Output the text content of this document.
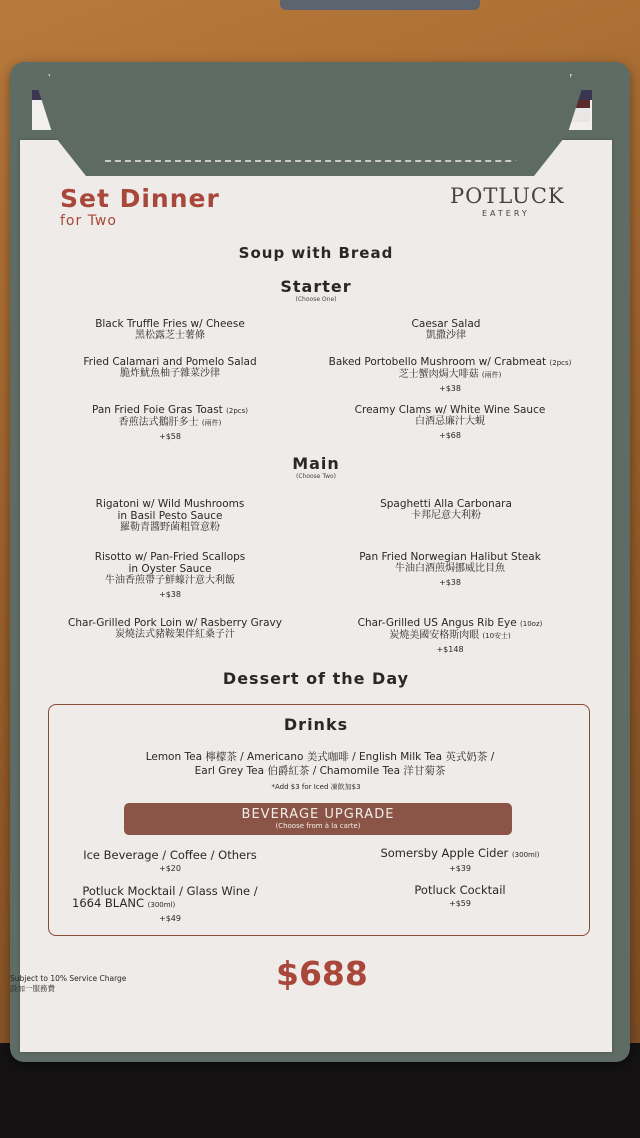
Set Dinner
for Two
POTLUCK
EATERY
Soup with Bread
Starter
(Choose One)
Black Truffle Fries w/ Cheese
黑松露芝士薯條
Caesar Salad
凱撒沙律
Fried Calamari and Pomelo Salad
脆炸魷魚柚子雜菜沙律
Baked Portobello Mushroom w/ Crabmeat (2pcs)
芝士蟹肉焗大啡菇 (兩件)
+$38
Pan Fried Foie Gras Toast (2pcs)
香煎法式鵝肝多士 (兩件)
+$58
Creamy Clams w/ White Wine Sauce
白酒忌廉汁大蜆
+$68
Main
(Choose Two)
Rigatoni w/ Wild Mushrooms
in Basil Pesto Sauce
羅勒青醬野菌粗管意粉
Spaghetti Alla Carbonara
卡邦尼意大利粉
Risotto w/ Pan-Fried Scallops
in Oyster Sauce
牛油香煎帶子鮮蠔汁意大利飯
+$38
Pan Fried Norwegian Halibut Steak
牛油白酒煎焗挪威比目魚
+$38
Char-Grilled Pork Loin w/ Rasberry Gravy
炭燒法式豬鞍架伴紅桑子汁
Char-Grilled US Angus Rib Eye (10oz)
炭燒美國安格斯肉眼 (10安士)
+$148
Dessert of the Day
Drinks
Lemon Tea 檸檬茶 / Americano 美式咖啡 / English Milk Tea 英式奶茶 /
Earl Grey Tea 伯爵紅茶 / Chamomile Tea 洋甘菊茶
*Add $3 for Iced 凍飲加$3
BEVERAGE UPGRADE
(Choose from à la carte)
Ice Beverage / Coffee / Others
+$20
Somersby Apple Cider (300ml)
+$39
Potluck Mocktail / Glass Wine /
1664 BLANC (300ml)
+$49
Potluck Cocktail
+$59
Subject to 10% Service Charge
設加一服務費	$688
